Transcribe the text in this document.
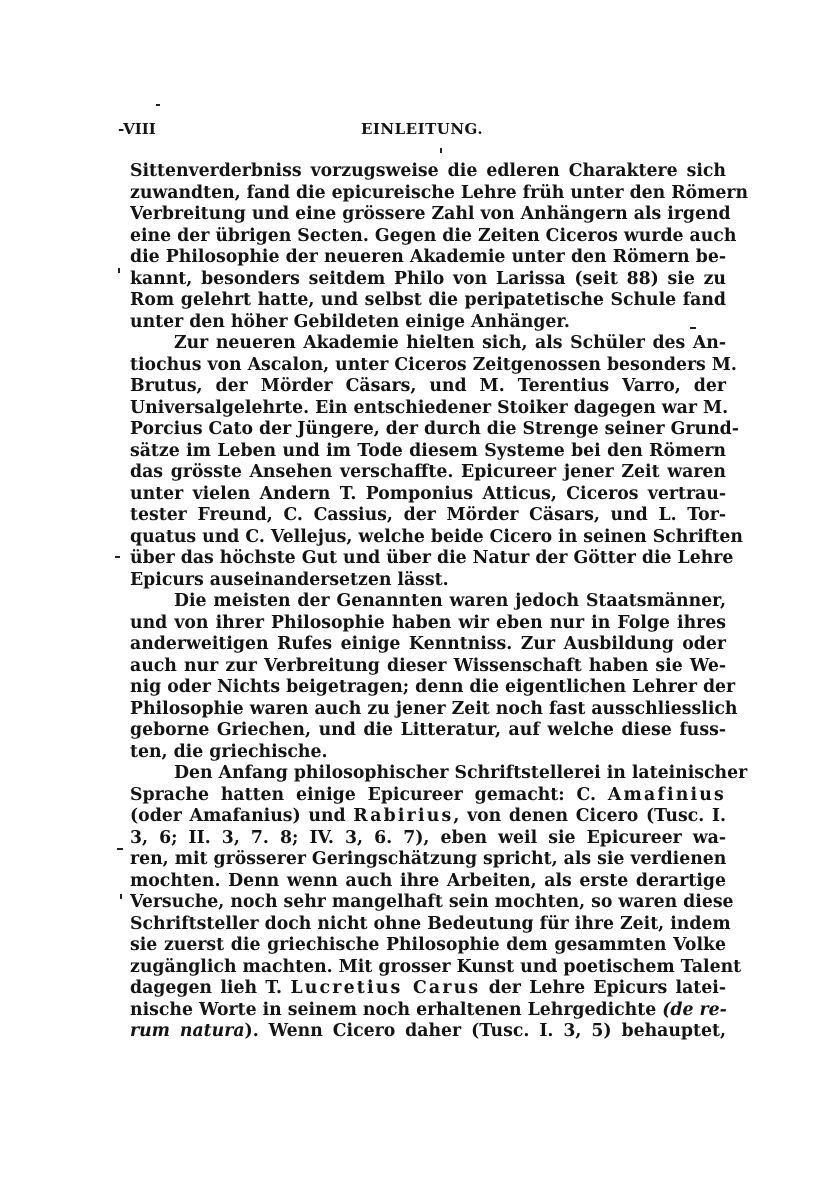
-VIII	EINLEITUNG.
Sittenverderbniss vorzugsweise die edleren Charaktere sich
zuwandten, fand die epicureische Lehre früh unter den Römern
Verbreitung und eine grössere Zahl von Anhängern als irgend
eine der übrigen Secten. Gegen die Zeiten Ciceros wurde auch
die Philosophie der neueren Akademie unter den Römern be-
kannt, besonders seitdem Philo von Larissa (seit 88) sie zu
Rom gelehrt hatte, und selbst die peripatetische Schule fand
unter den höher Gebildeten einige Anhänger.
Zur neueren Akademie hielten sich, als Schüler des An-
tiochus von Ascalon, unter Ciceros Zeitgenossen besonders M.
Brutus, der Mörder Cäsars, und M. Terentius Varro, der
Universalgelehrte. Ein entschiedener Stoiker dagegen war M.
Porcius Cato der Jüngere, der durch die Strenge seiner Grund-
sätze im Leben und im Tode diesem Systeme bei den Römern
das grösste Ansehen verschaffte. Epicureer jener Zeit waren
unter vielen Andern T. Pomponius Atticus, Ciceros vertrau-
tester Freund, C. Cassius, der Mörder Cäsars, und L. Tor-
quatus und C. Vellejus, welche beide Cicero in seinen Schriften
über das höchste Gut und über die Natur der Götter die Lehre
Epicurs auseinandersetzen lässt.
Die meisten der Genannten waren jedoch Staatsmänner,
und von ihrer Philosophie haben wir eben nur in Folge ihres
anderweitigen Rufes einige Kenntniss. Zur Ausbildung oder
auch nur zur Verbreitung dieser Wissenschaft haben sie We-
nig oder Nichts beigetragen; denn die eigentlichen Lehrer der
Philosophie waren auch zu jener Zeit noch fast ausschliesslich
geborne Griechen, und die Litteratur, auf welche diese fuss-
ten, die griechische.
Den Anfang philosophischer Schriftstellerei in lateinischer
Sprache hatten einige Epicureer gemacht: C. Amafinius
(oder Amafanius) und Rabirius, von denen Cicero (Tusc. I.
3, 6; II. 3, 7. 8; IV. 3, 6. 7), eben weil sie Epicureer wa-
ren, mit grösserer Geringschätzung spricht, als sie verdienen
mochten. Denn wenn auch ihre Arbeiten, als erste derartige
Versuche, noch sehr mangelhaft sein mochten, so waren diese
Schriftsteller doch nicht ohne Bedeutung für ihre Zeit, indem
sie zuerst die griechische Philosophie dem gesammten Volke
zugänglich machten. Mit grosser Kunst und poetischem Talent
dagegen lieh T. Lucretius Carus der Lehre Epicurs latei-
nische Worte in seinem noch erhaltenen Lehrgedichte (de re-
rum natura). Wenn Cicero daher (Tusc. I. 3, 5) behauptet,
